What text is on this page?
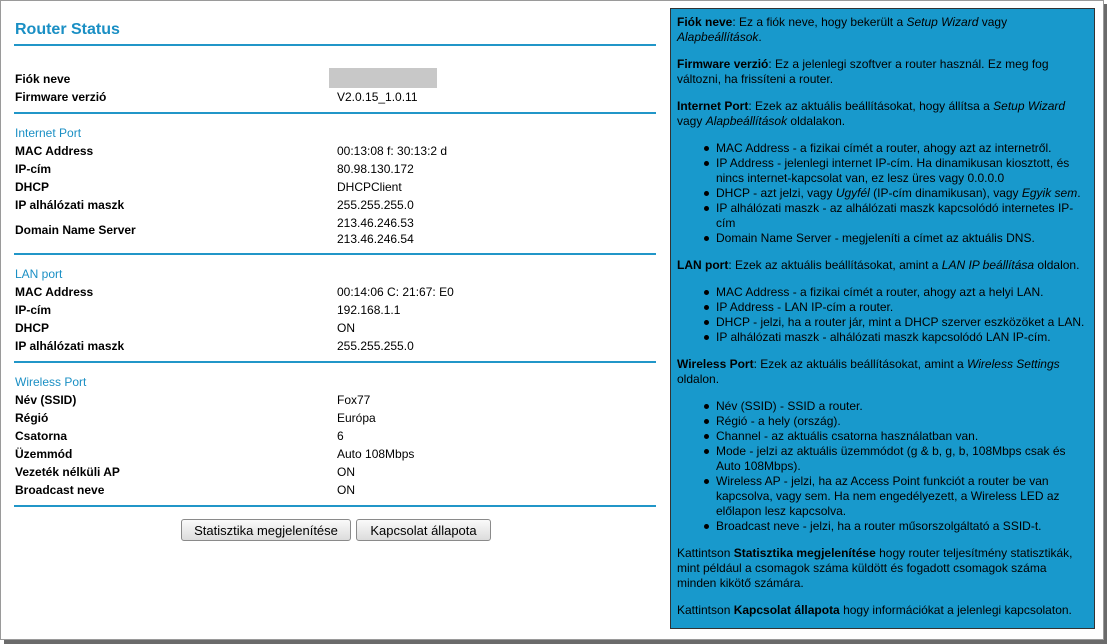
Router Status
Fiók neve
Firmware verzió	V2.0.15_1.0.11
Internet Port
MAC Address	00:13:08 f: 30:13:2 d
IP-cím	80.98.130.172
DHCP	DHCPClient
IP alhálózati maszk	255.255.255.0
Domain Name Server	213.46.246.53
213.46.246.54
LAN port
MAC Address	00:14:06 C: 21:67: E0
IP-cím	192.168.1.1
DHCP	ON
IP alhálózati maszk	255.255.255.0
Wireless Port
Név (SSID)	Fox77
Régió	Európa
Csatorna	6
Üzemmód	Auto 108Mbps
Vezeték nélküli AP	ON
Broadcast neve	ON
Statisztika megjelenítése	Kapcsolat állapota

Fiók neve: Ez a fiók neve, hogy bekerült a Setup Wizard vagy Alapbeállítások.

Firmware verzió: Ez a jelenlegi szoftver a router használ. Ez meg fog változni, ha frissíteni a router.

Internet Port: Ezek az aktuális beállításokat, hogy állítsa a Setup Wizard vagy Alapbeállítások oldalakon.

MAC Address - a fizikai címét a router, ahogy azt az internetről.
IP Address - jelenlegi internet IP-cím. Ha dinamikusan kiosztott, és nincs internet-kapcsolat van, ez lesz üres vagy 0.0.0.0
DHCP - azt jelzi, vagy Ugyfél (IP-cím dinamikusan), vagy Egyik sem.
IP alhálózati maszk - az alhálózati maszk kapcsolódó internetes IP-cím
Domain Name Server - megjeleníti a címet az aktuális DNS.

LAN port: Ezek az aktuális beállításokat, amint a LAN IP beállítása oldalon.

MAC Address - a fizikai címét a router, ahogy azt a helyi LAN.
IP Address - LAN IP-cím a router.
DHCP - jelzi, ha a router jár, mint a DHCP szerver eszközöket a LAN.
IP alhálózati maszk - alhálózati maszk kapcsolódó LAN IP-cím.

Wireless Port: Ezek az aktuális beállításokat, amint a Wireless Settings oldalon.

Név (SSID) - SSID a router.
Régió - a hely (ország).
Channel - az aktuális csatorna használatban van.
Mode - jelzi az aktuális üzemmódot (g & b, g, b, 108Mbps csak és Auto 108Mbps).
Wireless AP - jelzi, ha az Access Point funkciót a router be van kapcsolva, vagy sem. Ha nem engedélyezett, a Wireless LED az előlapon lesz kapcsolva.
Broadcast neve - jelzi, ha a router műsorszolgáltató a SSID-t.

Kattintson Statisztika megjelenítése hogy router teljesítmény statisztikák, mint például a csomagok száma küldött és fogadott csomagok száma minden kikötő számára.

Kattintson Kapcsolat állapota hogy információkat a jelenlegi kapcsolaton.
